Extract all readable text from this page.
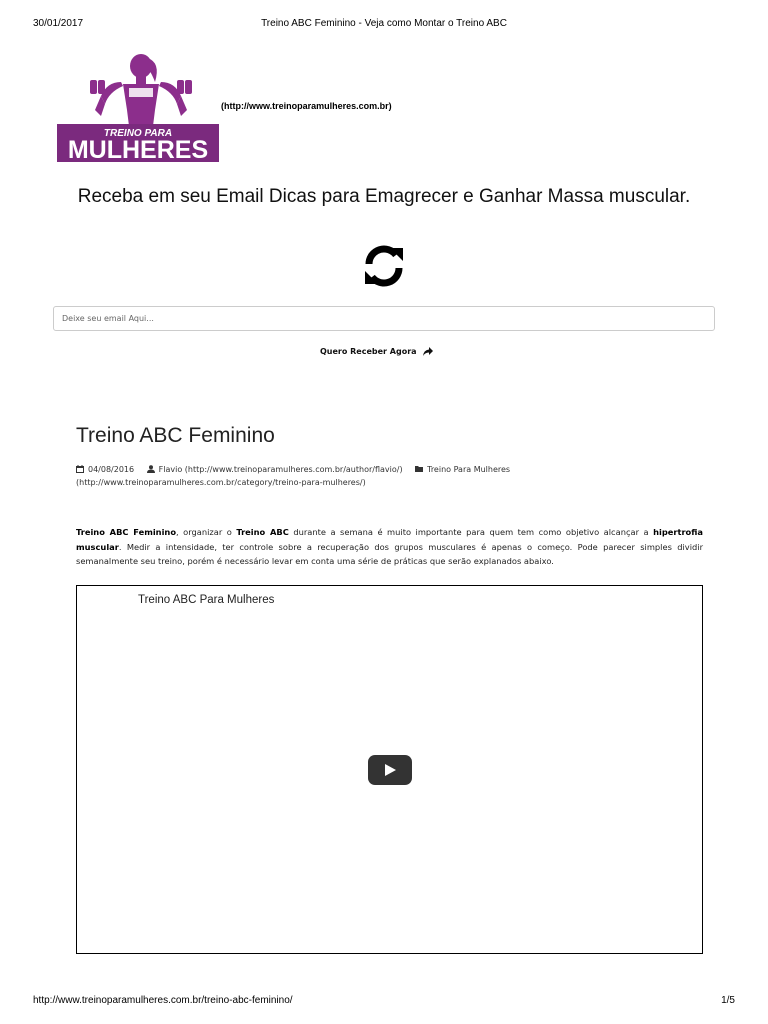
30/01/2017	Treino ABC Feminino - Veja como Montar o Treino ABC
TREINO PARA
MULHERES
(http://www.treinoparamulheres.com.br)
Receba em seu Email Dicas para Emagrecer e Ganhar Massa muscular.
Deixe seu email Aqui...
Quero Receber Agora
Treino ABC Feminino
04/08/2016	Flavio (http://www.treinoparamulheres.com.br/author/flavio/)	Treino Para Mulheres (http://www.treinoparamulheres.com.br/category/treino-para-mulheres/)

Treino ABC Feminino, organizar o Treino ABC durante a semana é muito importante para quem tem como objetivo alcançar a hipertrofia muscular. Medir a intensidade, ter controle sobre a recuperação dos grupos musculares é apenas o começo. Pode parecer simples dividir semanalmente seu treino, porém é necessário levar em conta uma série de práticas que serão explanados abaixo.

Treino ABC Para Mulheres
http://www.treinoparamulheres.com.br/treino-abc-feminino/	1/5
